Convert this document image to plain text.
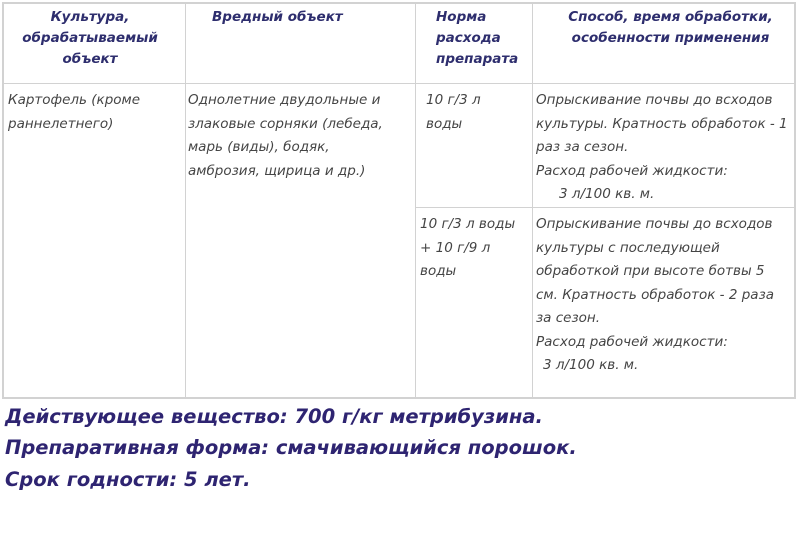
Культура, обрабатываемый объект	Вредный объект	Норма расхода препарата	Способ, время обработки, особенности применения

Картофель (кроме раннелетнего)	Однолетние двудольные и злаковые сорняки (лебеда, марь (виды), бодяк, амброзия, щирица и др.)	10 г/3 л воды	Опрыскивание почвы до всходов культуры. Кратность обработок - 1 раз за сезон.
Расход рабочей жидкости:
3 л/100 кв. м.

		10 г/3 л воды + 10 г/9 л воды	Опрыскивание почвы до всходов культуры с последующей обработкой при высоте ботвы 5 см. Кратность обработок - 2 раза за сезон.
Расход рабочей жидкости:
3 л/100 кв. м.
Действующее вещество: 700 г/кг метрибузина.
Препаративная форма: смачивающийся порошок.
Срок годности: 5 лет.
